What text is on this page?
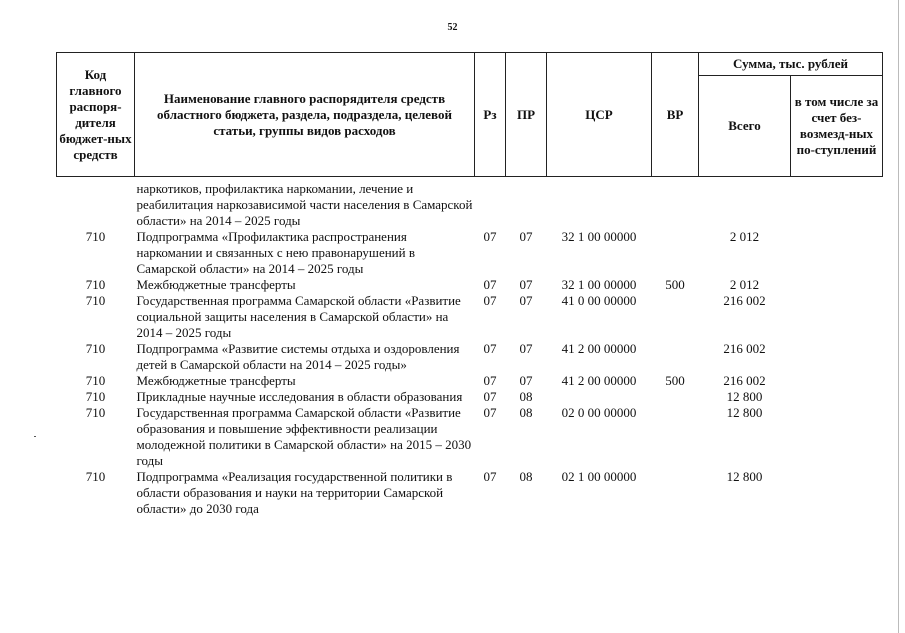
52
Код главного распоря-дителя бюджет-ных средств	Наименование главного распорядителя средств областного бюджета, раздела, подраздела, целевой статьи, группы видов расходов	Рз	ПР	ЦСР	ВР	Сумма, тыс. рублей	
						Всего	в том числе за счет без-возмезд-ных по-ступлений
	наркотиков, профилактика наркомании, лечение и реабилитация наркозависимой части населения в Самарской области» на 2014 – 2025 годы						
710	Подпрограмма «Профилактика распространения наркомании и связанных с нею правонарушений в Самарской области» на 2014 – 2025 годы	07	07	32 1 00 00000		2 012	
710	Межбюджетные трансферты	07	07	32 1 00 00000	500	2 012	
710	Государственная программа Самарской области «Развитие социальной защиты населения в Самарской области» на 2014 – 2025 годы	07	07	41 0 00 00000		216 002	
710	Подпрограмма «Развитие системы отдыха и оздоровления детей в Самарской области на 2014 – 2025 годы»	07	07	41 2 00 00000		216 002	
710	Межбюджетные трансферты	07	07	41 2 00 00000	500	216 002	
710	Прикладные научные исследования в области образования	07	08			12 800	
710	Государственная программа Самарской области «Развитие образования и повышение эффективности реализации молодежной политики в Самарской области» на 2015 – 2030 годы	07	08	02 0 00 00000		12 800	
710	Подпрограмма «Реализация государственной политики в области образования и науки на территории Самарской области» до 2030 года	07	08	02 1 00 00000		12 800	
